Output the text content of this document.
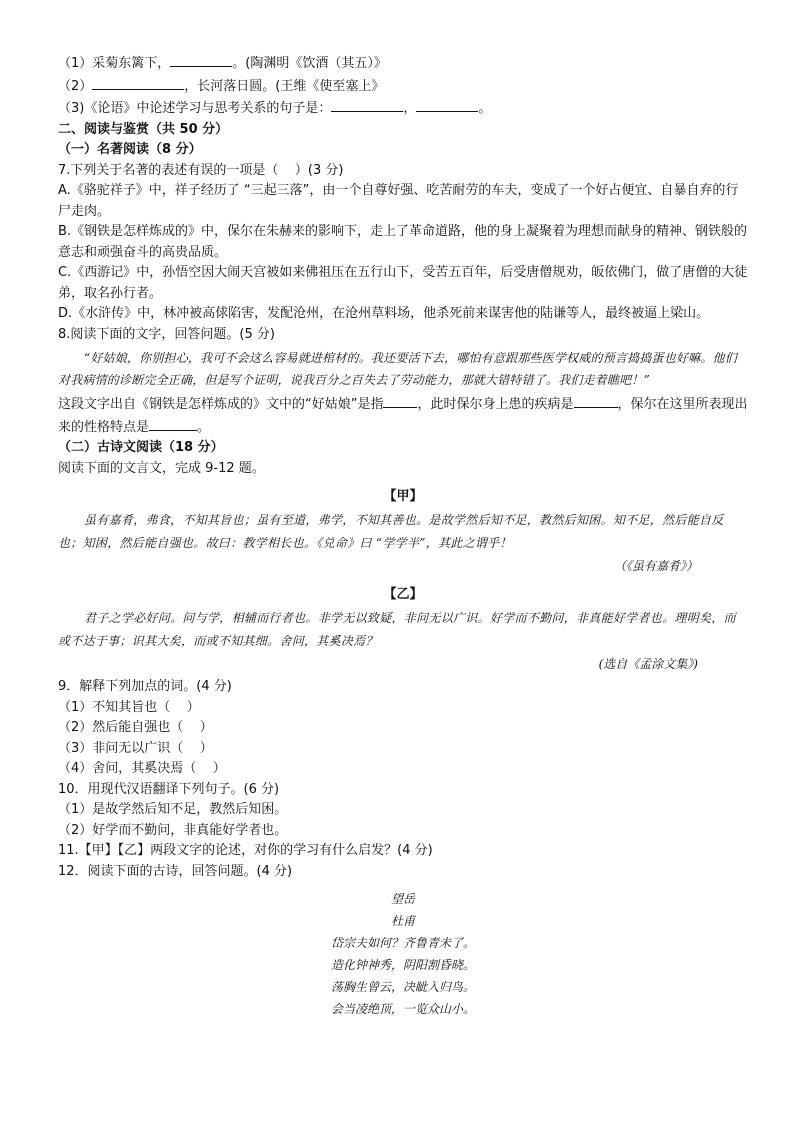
（1）采菊东篱下，	。(陶渊明《饮酒（其五）》
（2）	，长河落日圆。(王维《使至塞上》
（3)《论语》中论述学习与思考关系的句子是：	，	。
二、阅读与鉴赏（共 50 分）
（一）名著阅读（8 分）
7.下列关于名著的表述有误的一项是（    ）(3 分)
A.《骆驼祥子》中，祥子经历了 “三起三落”，由一个自尊好强、吃苦耐劳的车夫，变成了一个好占便宜、自暴自弃的行尸走肉。
B.《钢铁是怎样炼成的》中，保尔在朱赫来的影响下，走上了革命道路，他的身上凝聚着为理想而献身的精神、钢铁般的意志和顽强奋斗的高贵品质。
C.《西游记》中，孙悟空因大闹天宫被如来佛祖压在五行山下，受苦五百年，后受唐僧规劝，皈依佛门，做了唐僧的大徒弟，取名孙行者。
D.《水浒传》中，林冲被高俅陷害，发配沧州，在沧州草料场，他杀死前来谋害他的陆谦等人，最终被逼上梁山。
8.阅读下面的文字，回答问题。(5 分)
“好姑娘，你别担心，我可不会这么容易就进棺材的。我还要活下去，哪怕有意跟那些医学权威的预言捣捣蛋也好嘛。他们对我病情的诊断完全正确，但是写个证明，说我百分之百失去了劳动能力，那就大错特错了。我们走着瞧吧！”
这段文字出自《钢铁是怎样炼成的》文中的“好姑娘”是指	，此时保尔身上患的疾病是	，保尔在这里所表现出来的性格特点是	。
（二）古诗文阅读（18 分）
阅读下面的文言文，完成 9-12 题。
【甲】
虽有嘉肴，弗食，不知其旨也；虽有至道，弗学，不知其善也。是故学然后知不足，教然后知困。知不足，然后能自反也；知困，然后能自强也。故曰：教学相长也。《兑命》曰 “学学半”，其此之谓乎！
（《虽有嘉肴》）
【乙】
君子之学必好问。问与学，相辅而行者也。非学无以致疑，非问无以广识。好学而不勤问，非真能好学者也。理明矣，而或不达于事；识其大矣，而或不知其细。舍问，其奚决焉？
(选自《孟涂文集》)
9．解释下列加点的词。(4 分)
（1）不知其旨也（    ）
（2）然后能自强也（    ）
（3）非问无以广识（    ）
（4）舍问，其奚决焉（    ）
10．用现代汉语翻译下列句子。(6 分)
（1）是故学然后知不足，教然后知困。
（2）好学而不勤问，非真能好学者也。
11.【甲】【乙】两段文字的论述，对你的学习有什么启发？(4 分)
12．阅读下面的古诗，回答问题。(4 分)
望岳
杜甫
岱宗夫如何？齐鲁青未了。
造化钟神秀，阴阳割昏晓。
荡胸生曾云，决眦入归鸟。
会当凌绝顶，一览众山小。
